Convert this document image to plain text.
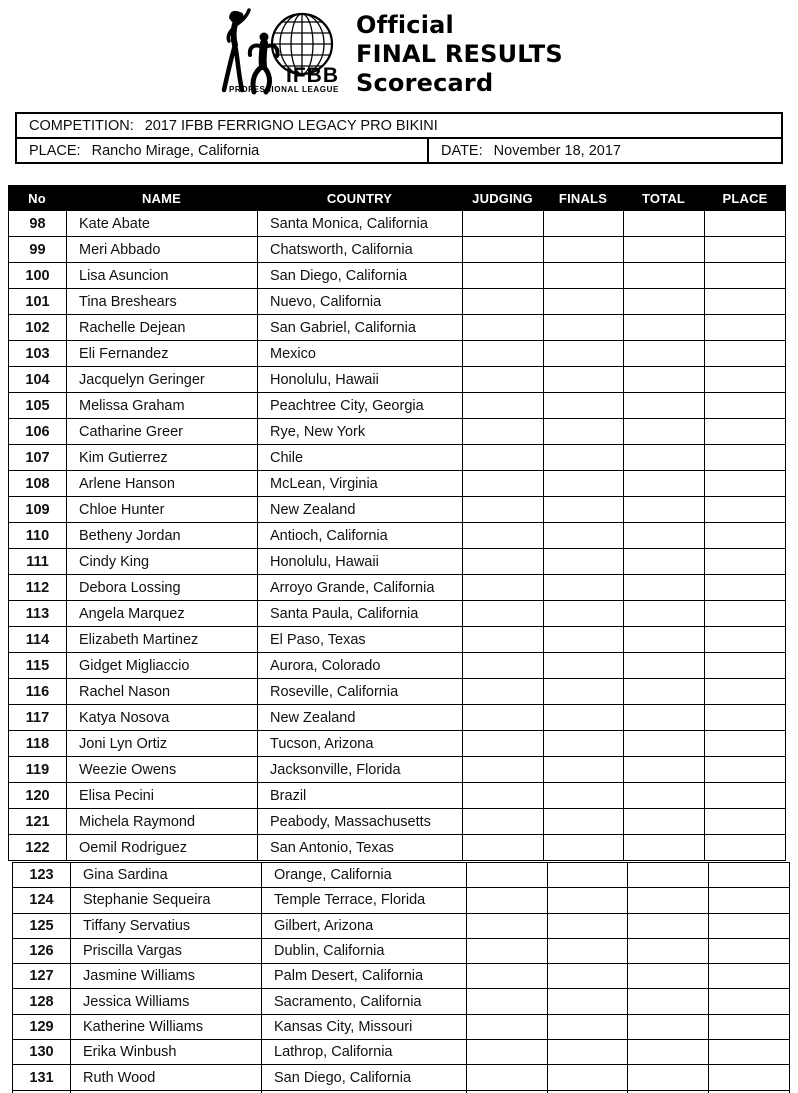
IFBB
PROFESSIONAL LEAGUE
Official
FINAL RESULTS
Scorecard
COMPETITION: 2017 IFBB FERRIGNO LEGACY PRO BIKINI
PLACE: Rancho Mirage, California	DATE: November 18, 2017
No	NAME	COUNTRY	JUDGING	FINALS	TOTAL	PLACE
98	Kate Abate	Santa Monica, California
99	Meri Abbado	Chatsworth, California
100	Lisa Asuncion	San Diego, California
101	Tina Breshears	Nuevo, California
102	Rachelle Dejean	San Gabriel, California
103	Eli Fernandez	Mexico
104	Jacquelyn Geringer	Honolulu, Hawaii
105	Melissa Graham	Peachtree City, Georgia
106	Catharine Greer	Rye, New York
107	Kim Gutierrez	Chile
108	Arlene Hanson	McLean, Virginia
109	Chloe Hunter	New Zealand
110	Betheny Jordan	Antioch, California
111	Cindy King	Honolulu, Hawaii
112	Debora Lossing	Arroyo Grande, California
113	Angela Marquez	Santa Paula, California
114	Elizabeth Martinez	El Paso, Texas
115	Gidget Migliaccio	Aurora, Colorado
116	Rachel Nason	Roseville, California
117	Katya Nosova	New Zealand
118	Joni Lyn Ortiz	Tucson, Arizona
119	Weezie Owens	Jacksonville, Florida
120	Elisa Pecini	Brazil
121	Michela Raymond	Peabody, Massachusetts
122	Oemil Rodriguez	San Antonio, Texas
123	Gina Sardina	Orange, California
124	Stephanie Sequeira	Temple Terrace, Florida
125	Tiffany Servatius	Gilbert, Arizona
126	Priscilla Vargas	Dublin, California
127	Jasmine Williams	Palm Desert, California
128	Jessica Williams	Sacramento, California
129	Katherine Williams	Kansas City, Missouri
130	Erika Winbush	Lathrop, California
131	Ruth Wood	San Diego, California
